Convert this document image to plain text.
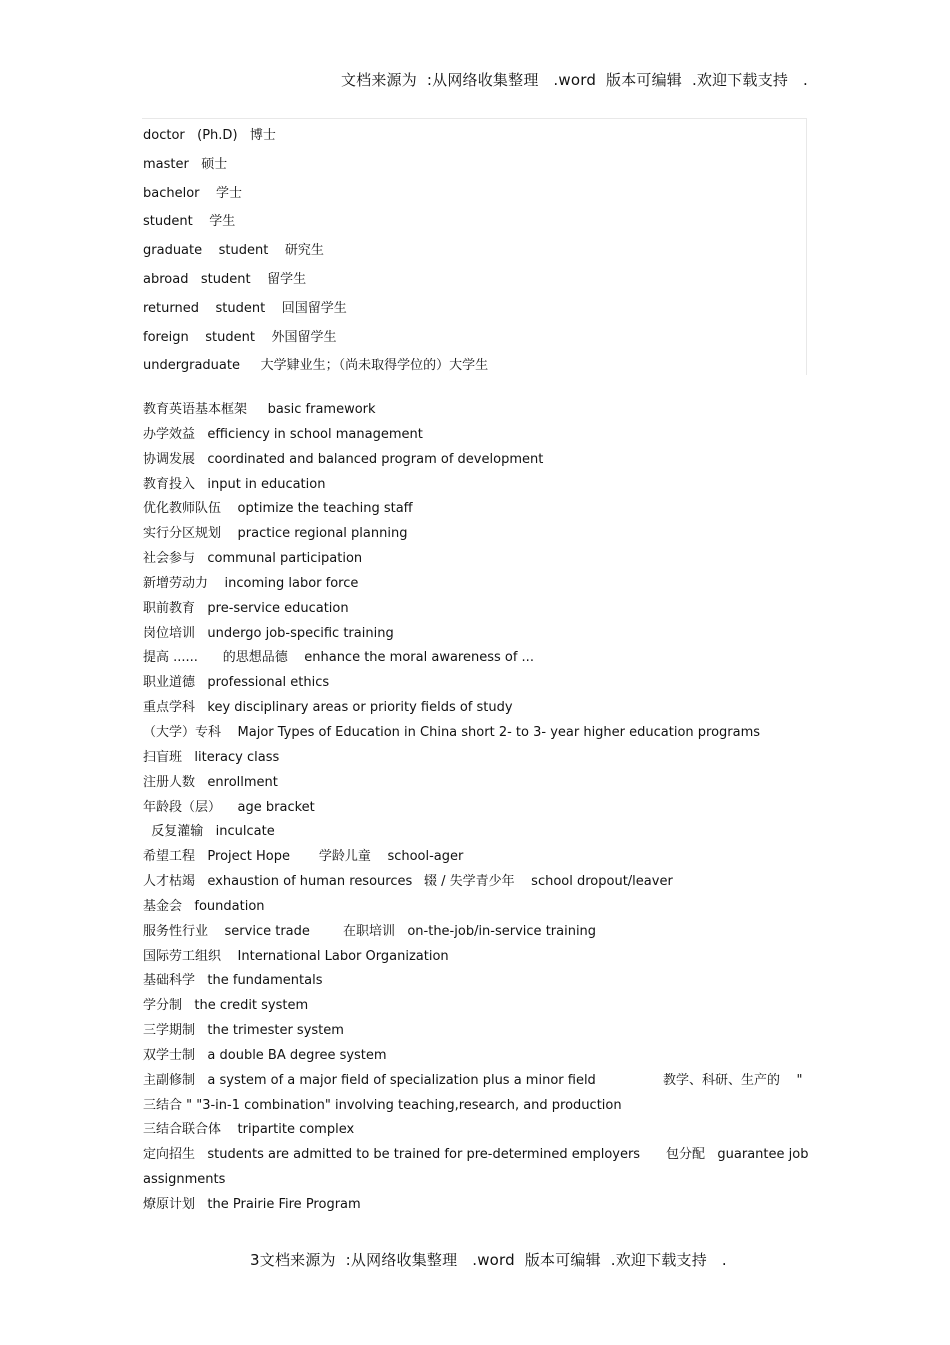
文档来源为  :从网络收集整理   .word  版本可编辑  .欢迎下载支持   .
doctor   (Ph.D)   博士
master   硕士
bachelor    学士
student    学生
graduate    student    研究生
abroad   student    留学生
returned    student    回国留学生
foreign    student    外国留学生
undergraduate     大学肄业生；（尚未取得学位的）大学生
教育英语基本框架     basic framework
办学效益   efficiency in school management
协调发展   coordinated and balanced program of development
教育投入   input in education
优化教师队伍    optimize the teaching staff
实行分区规划    practice regional planning
社会参与   communal participation
新增劳动力    incoming labor force
职前教育   pre-service education
岗位培训   undergo job-specific training
提高 ......      的思想品德    enhance the moral awareness of ...
职业道德   professional ethics
重点学科   key disciplinary areas or priority fields of study
（大学）专科    Major Types of Education in China short 2- to 3- year higher education programs
扫盲班   literacy class
注册人数   enrollment
年龄段（层）    age bracket
反复灌输   inculcate
希望工程   Project Hope       学龄儿童    school-ager
人才枯竭   exhaustion of human resources 辍 / 失学青少年    school dropout/leaver
基金会   foundation
服务性行业    service trade        在职培训   on-the-job/in-service training
国际劳工组织    International Labor Organization
基础科学   the fundamentals
学分制   the credit system
三学期制   the trimester system
双学士制   a double BA degree system
主副修制   a system of a major field of specialization plus a minor field	教学、科研、生产的    "
三结合 " "3-in-1 combination" involving teaching,research, and production
三结合联合体    tripartite complex
定向招生   students are admitted to be trained for pre-determined employers 包分配   guarantee job
assignments
燎原计划   the Prairie Fire Program
3文档来源为  :从网络收集整理   .word  版本可编辑  .欢迎下载支持   .
